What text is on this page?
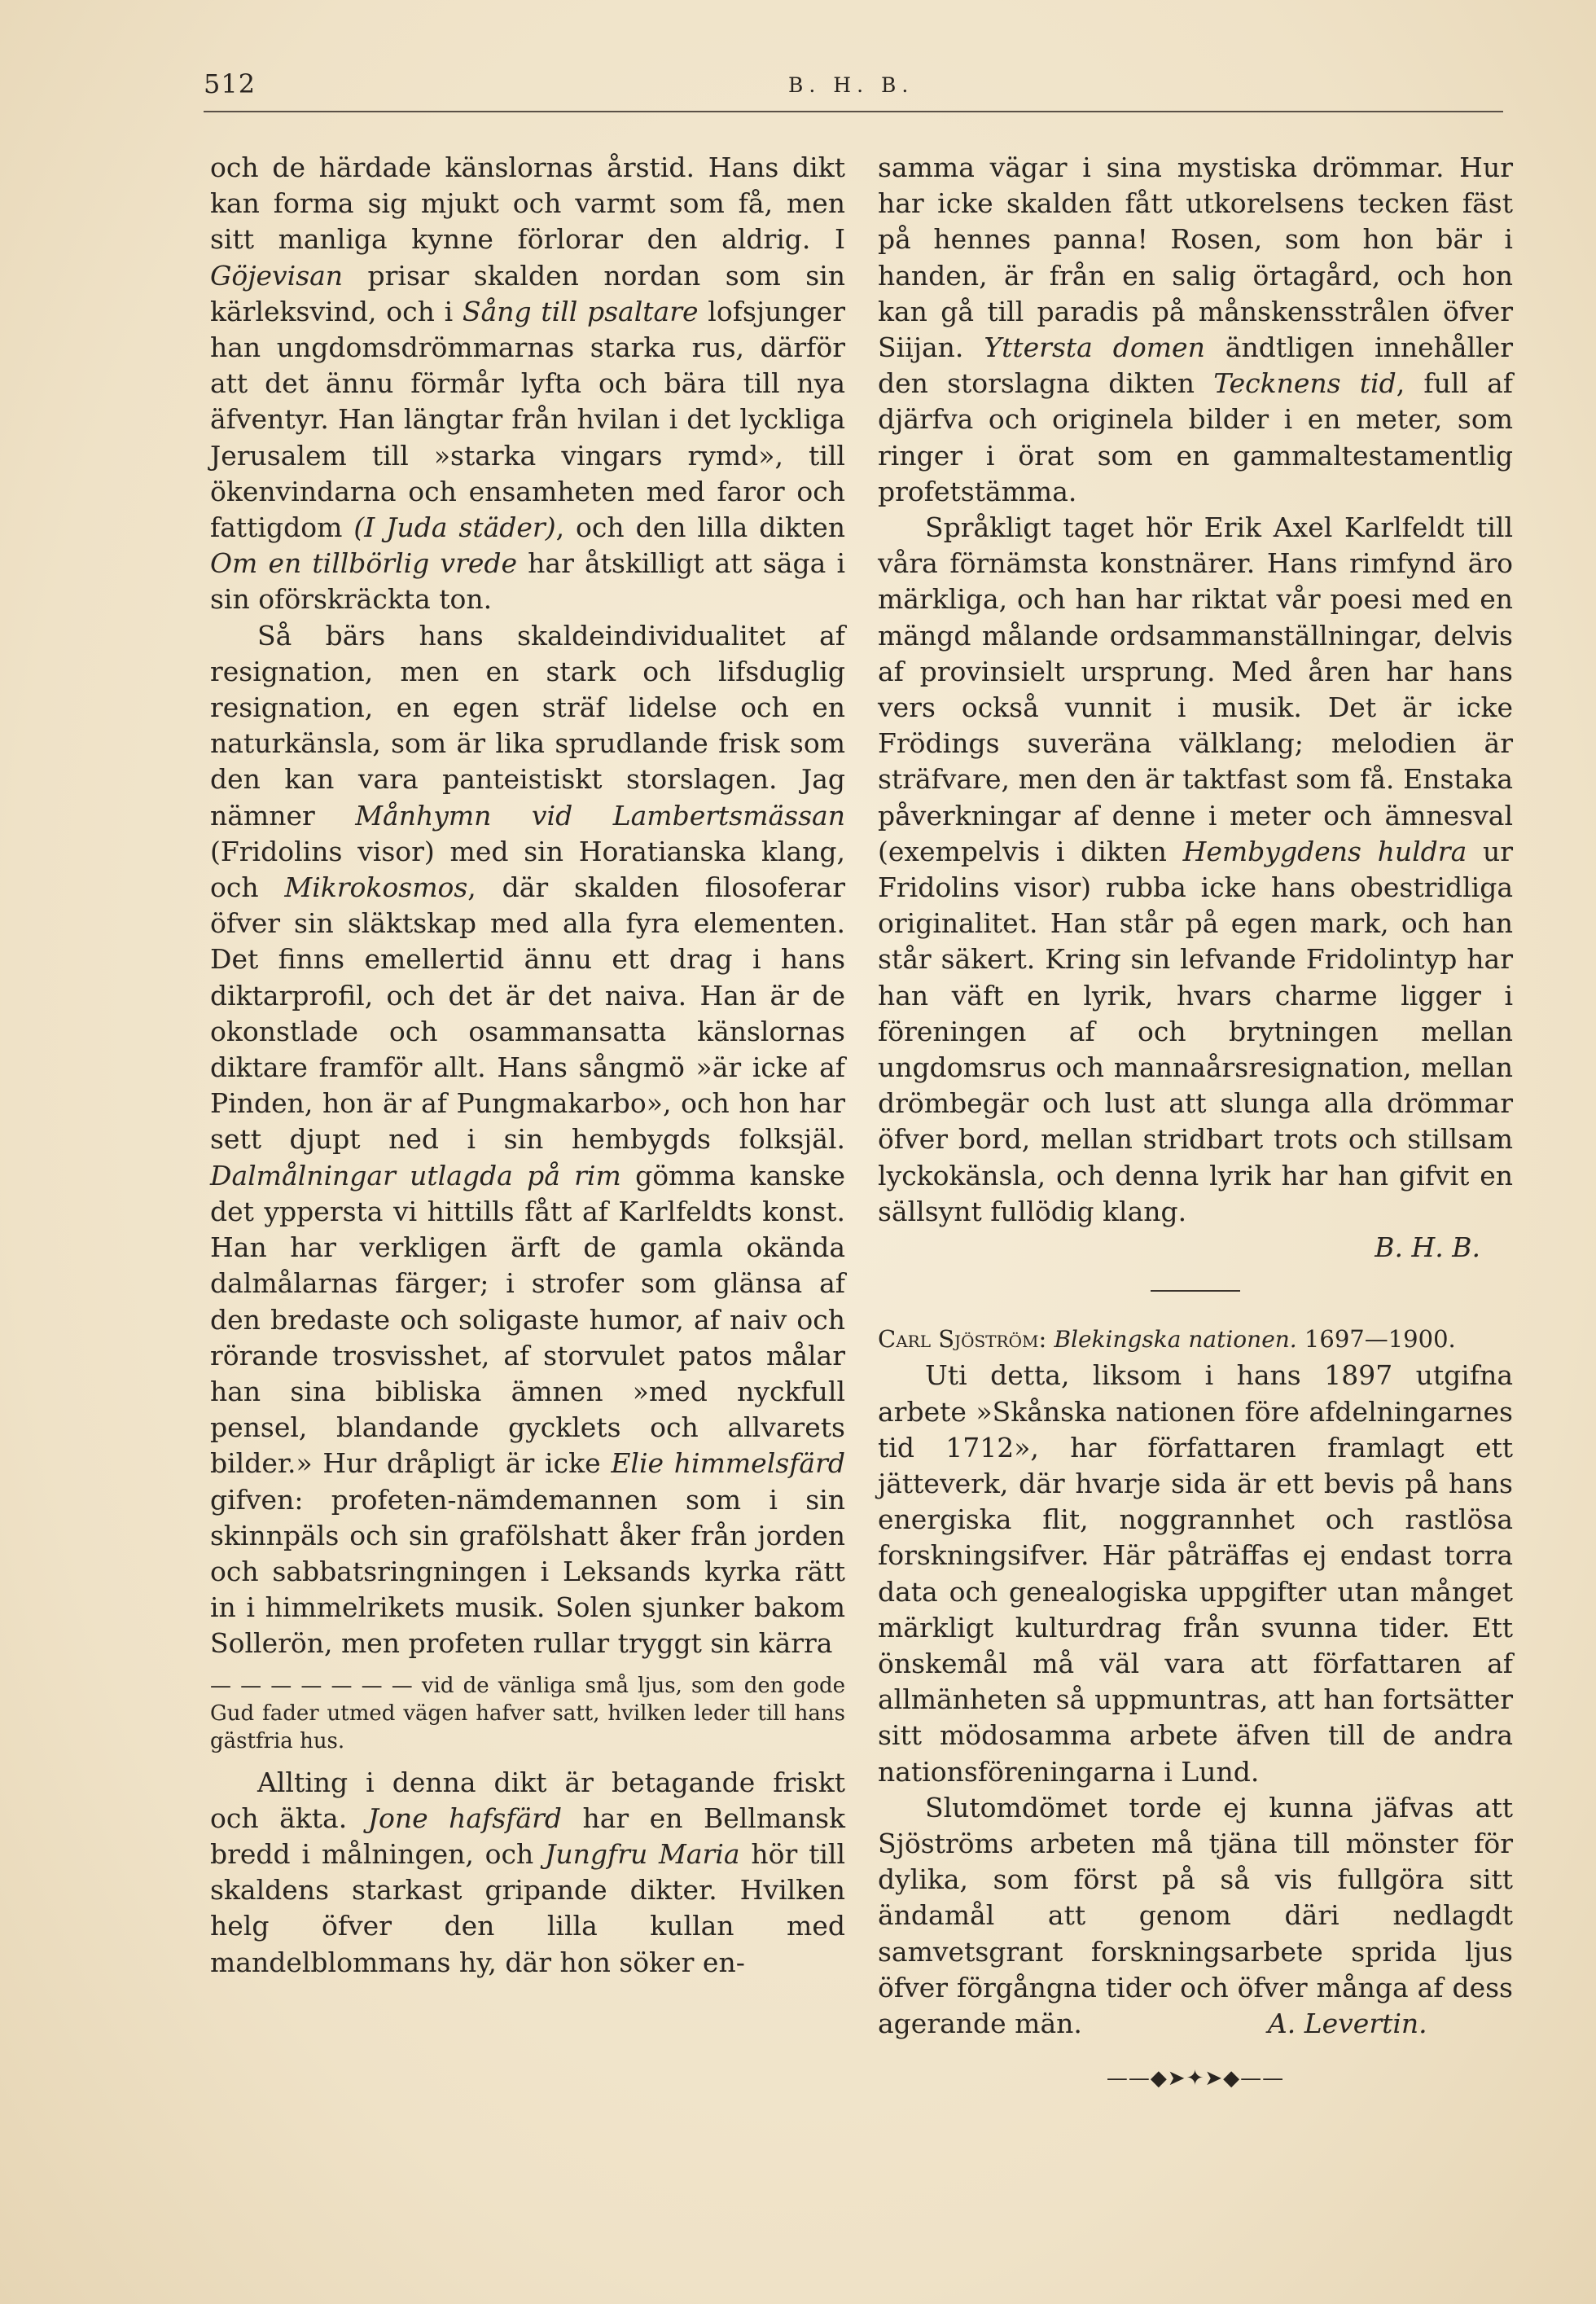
512	B. H. B.

och de härdade känslornas årstid. Hans dikt kan forma sig mjukt och varmt som få, men sitt manliga kynne förlorar den aldrig. I Göjevisan prisar skalden nordan som sin kärleksvind, och i Sång till psaltare lofsjunger han ungdomsdrömmarnas starka rus, därför att det ännu förmår lyfta och bära till nya äfventyr. Han längtar från hvilan i det lyckliga Jerusalem till »starka vingars rymd», till ökenvindarna och ensamheten med faror och fattigdom (I Juda städer), och den lilla dikten Om en tillbörlig vrede har åtskilligt att säga i sin oförskräckta ton.

Så bärs hans skaldeindividualitet af resignation, men en stark och lifsduglig resignation, en egen sträf lidelse och en naturkänsla, som är lika sprudlande frisk som den kan vara panteistiskt storslagen. Jag nämner Månhymn vid Lambertsmässan (Fridolins visor) med sin Horatianska klang, och Mikrokosmos, där skalden filosoferar öfver sin släktskap med alla fyra elementen. Det finns emellertid ännu ett drag i hans diktarprofil, och det är det naiva. Han är de okonstlade och osammansatta känslornas diktare framför allt. Hans sångmö »är icke af Pinden, hon är af Pungmakarbo», och hon har sett djupt ned i sin hembygds folksjäl. Dalmålningar utlagda på rim gömma kanske det yppersta vi hittills fått af Karlfeldts konst. Han har verkligen ärft de gamla okända dalmålarnas färger; i strofer som glänsa af den bredaste och soligaste humor, af naiv och rörande trosvisshet, af storvulet patos målar han sina bibliska ämnen »med nyckfull pensel, blandande gycklets och allvarets bilder.» Hur dråpligt är icke Elie himmelsfärd gifven: profeten-nämdemannen som i sin skinnpäls och sin grafölshatt åker från jorden och sabbatsringningen i Leksands kyrka rätt in i himmelrikets musik. Solen sjunker bakom Sollerön, men profeten rullar tryggt sin kärra

— — — — — — — vid de vänliga små ljus, som den gode Gud fader utmed vägen hafver satt, hvilken leder till hans gästfria hus.

Allting i denna dikt är betagande friskt och äkta. Jone hafsfärd har en Bellmansk bredd i målningen, och Jungfru Maria hör till skaldens starkast gripande dikter. Hvilken helg öfver den lilla kullan med mandelblommans hy, där hon söker en-

samma vägar i sina mystiska drömmar. Hur har icke skalden fått utkorelsens tecken fäst på hennes panna! Rosen, som hon bär i handen, är från en salig örtagård, och hon kan gå till paradis på månskensstrålen öfver Siijan. Yttersta domen ändtligen innehåller den storslagna dikten Tecknens tid, full af djärfva och originela bilder i en meter, som ringer i örat som en gammaltestamentlig profetstämma.

Språkligt taget hör Erik Axel Karlfeldt till våra förnämsta konstnärer. Hans rimfynd äro märkliga, och han har riktat vår poesi med en mängd målande ordsammanställningar, delvis af provinsielt ursprung. Med åren har hans vers också vunnit i musik. Det är icke Frödings suveräna välklang; melodien är sträfvare, men den är taktfast som få. Enstaka påverkningar af denne i meter och ämnesval (exempelvis i dikten Hembygdens huldra ur Fridolins visor) rubba icke hans obestridliga originalitet. Han står på egen mark, och han står säkert. Kring sin lefvande Fridolintyp har han väft en lyrik, hvars charme ligger i föreningen af och brytningen mellan ungdomsrus och mannaårsresignation, mellan drömbegär och lust att slunga alla drömmar öfver bord, mellan stridbart trots och stillsam lyckokänsla, och denna lyrik har han gifvit en sällsynt fullödig klang.

B. H. B.

Carl Sjöström: Blekingska nationen. 1697—1900.

Uti detta, liksom i hans 1897 utgifna arbete »Skånska nationen före afdelningarnes tid 1712», har författaren framlagt ett jätteverk, där hvarje sida är ett bevis på hans energiska flit, noggrannhet och rastlösa forskningsifver. Här påträffas ej endast torra data och genealogiska uppgifter utan månget märkligt kulturdrag från svunna tider. Ett önskemål må väl vara att författaren af allmänheten så uppmuntras, att han fortsätter sitt mödosamma arbete äfven till de andra nationsföreningarna i Lund.

Slutomdömet torde ej kunna jäfvas att Sjöströms arbeten må tjäna till mönster för dylika, som först på så vis fullgöra sitt ändamål att genom däri nedlagdt samvetsgrant forskningsarbete sprida ljus öfver förgångna tider och öfver många af dess agerande män.	A. Levertin.

——◆➤✦➤◆——
